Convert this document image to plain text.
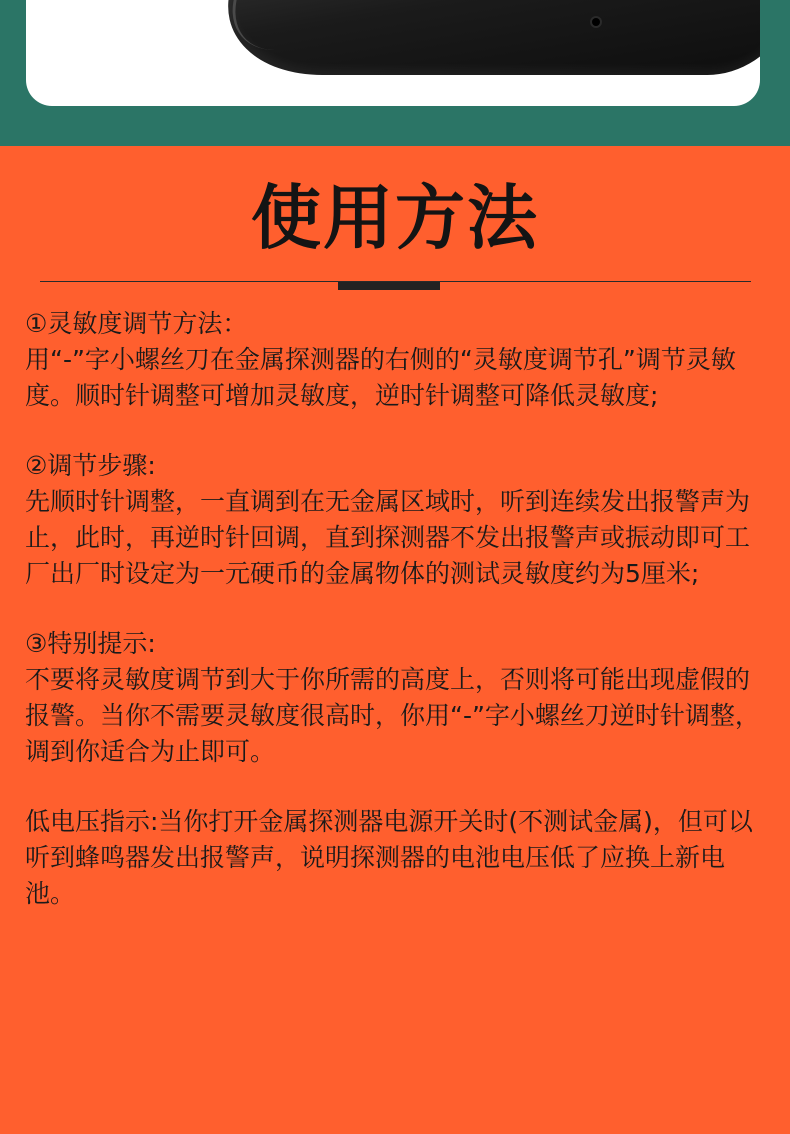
使用方法

①灵敏度调节方法：

用“-”字小螺丝刀在金属探测器的右侧的“灵敏度调节孔”调节灵敏度。顺时针调整可增加灵敏度，逆时针调整可降低灵敏度;

②调节步骤:

先顺时针调整，一直调到在无金属区域时，听到连续发出报警声为止，此时，再逆时针回调，直到探测器不发出报警声或振动即可工厂出厂时设定为一元硬币的金属物体的测试灵敏度约为5厘米;

③特别提示:

不要将灵敏度调节到大于你所需的高度上，否则将可能出现虚假的报警。当你不需要灵敏度很高时，你用“-”字小螺丝刀逆时针调整，调到你适合为止即可。

低电压指示:当你打开金属探测器电源开关时(不测试金属)，但可以听到蜂鸣器发出报警声，说明探测器的电池电压低了应换上新电池。
